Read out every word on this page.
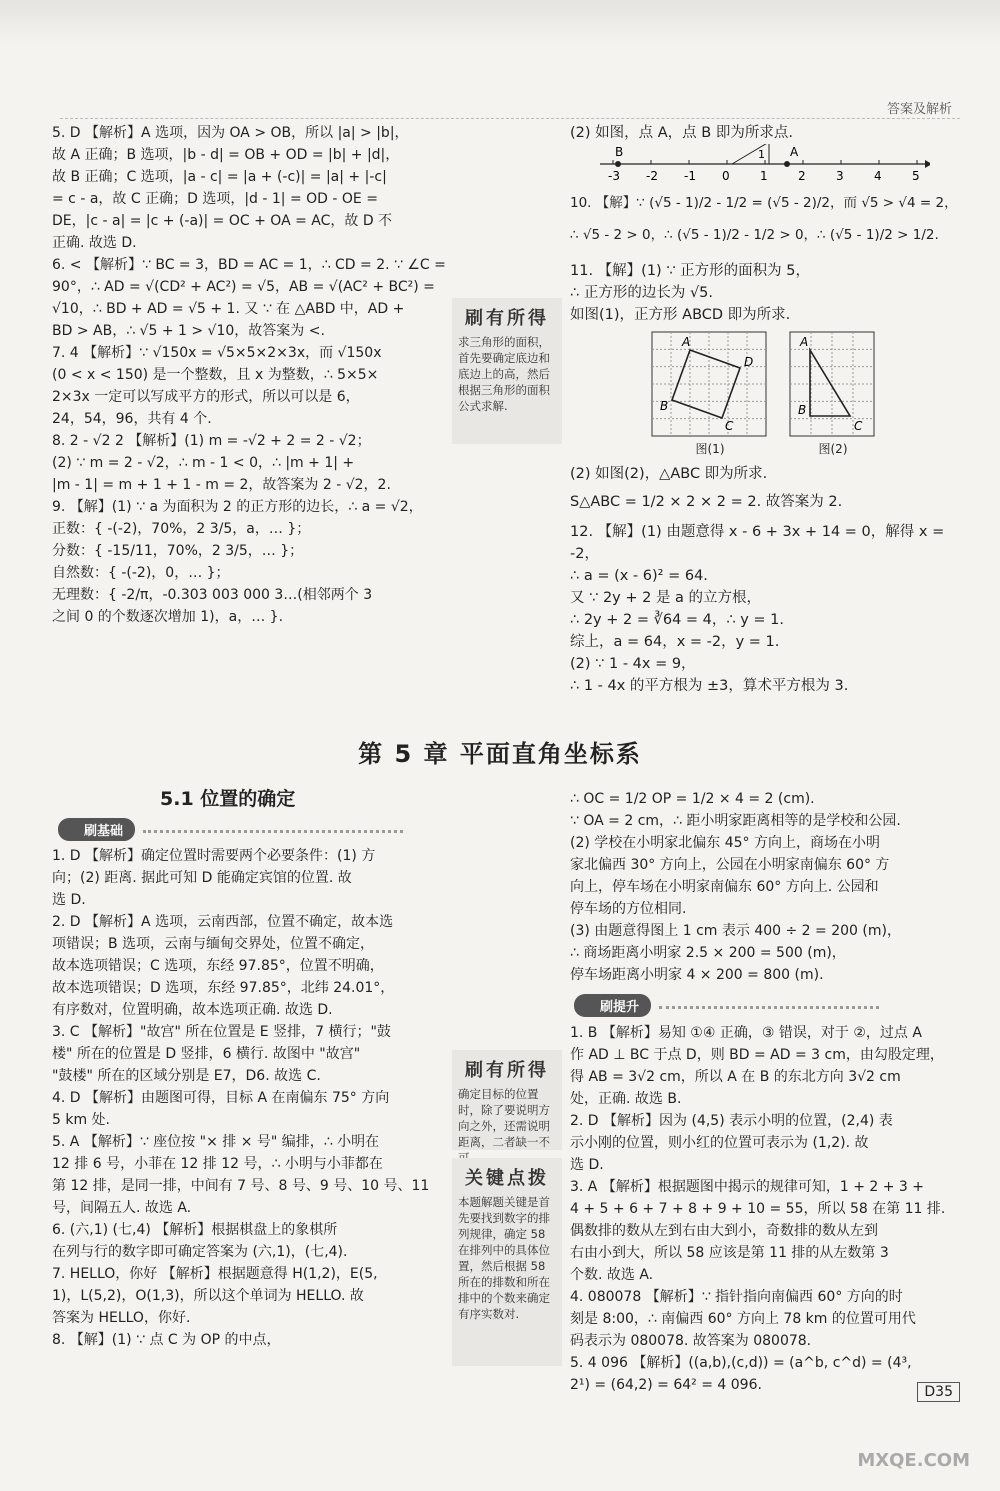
答案及解析

5. D 【解析】A 选项，因为 OA > OB，所以 |a| > |b|，

故 A 正确；B 选项，|b - d| = OB + OD = |b| + |d|，

故 B 正确；C 选项，|a - c| = |a + (-c)| = |a| + |-c|

= c - a，故 C 正确；D 选项，|d - 1| = OD - OE =

DE，|c - a| = |c + (-a)| = OC + OA = AC，故 D 不

正确. 故选 D.

6. < 【解析】∵ BC = 3，BD = AC = 1，∴ CD = 2. ∵ ∠C =

90°，∴ AD = √(CD² + AC²) = √5，AB = √(AC² + BC²) =

√10，∴ BD + AD = √5 + 1. 又 ∵ 在 △ABD 中，AD +

BD > AB，∴ √5 + 1 > √10，故答案为 <.

7. 4 【解析】∵ √150x = √5×5×2×3x，而 √150x

(0 < x < 150) 是一个整数，且 x 为整数，∴ 5×5×

2×3x 一定可以写成平方的形式，所以可以是 6，

24，54，96，共有 4 个.

8. 2 - √2 2 【解析】(1) m = -√2 + 2 = 2 - √2；

(2) ∵ m = 2 - √2，∴ m - 1 < 0，∴ |m + 1| +

|m - 1| = m + 1 + 1 - m = 2，故答案为 2 - √2，2.

9. 【解】(1) ∵ a 为面积为 2 的正方形的边长，∴ a = √2，

正数：{ -(-2)，70%，2 3/5，a，… }；

分数：{ -15/11，70%，2 3/5，… }；

自然数：{ -(-2)，0，… }；

无理数：{ -2/π，-0.303 003 000 3…(相邻两个 3

之间 0 的个数逐次增加 1)，a，… }.

(2) 如图，点 A，点 B 即为所求点.

-3 -2 -1 0	1	2	3	4	5
B	A
1

10. 【解】∵ (√5 - 1)/2 - 1/2 = (√5 - 2)/2，而 √5 > √4 = 2，

∴ √5 - 2 > 0，∴ (√5 - 1)/2 - 1/2 > 0，∴ (√5 - 1)/2 > 1/2.

11. 【解】(1) ∵ 正方形的面积为 5，

∴ 正方形的边长为 √5.

如图(1)，正方形 ABCD 即为所求.

A
B
C
D
图(1)
A
B
C
图(2)

(2) 如图(2)，△ABC 即为所求.

S△ABC = 1/2 × 2 × 2 = 2. 故答案为 2.

12. 【解】(1) 由题意得 x - 6 + 3x + 14 = 0，解得 x = -2，

∴ a = (x - 6)² = 64.

又 ∵ 2y + 2 是 a 的立方根，

∴ 2y + 2 = ∛64 = 4，∴ y = 1.

综上，a = 64，x = -2，y = 1.

(2) ∵ 1 - 4x = 9，

∴ 1 - 4x 的平方根为 ±3，算术平方根为 3.

刷有所得
求三角形的面积，首先要确定底边和底边上的高，然后根据三角形的面积公式求解.
第 5 章 平面直角坐标系
5.1 位置的确定
刷基础

1. D 【解析】确定位置时需要两个必要条件：(1) 方

向；(2) 距离. 据此可知 D 能确定宾馆的位置. 故

选 D.

2. D 【解析】A 选项，云南西部，位置不确定，故本选

项错误；B 选项，云南与缅甸交界处，位置不确定，

故本选项错误；C 选项，东经 97.85°，位置不明确，

故本选项错误；D 选项，东经 97.85°，北纬 24.01°，

有序数对，位置明确，故本选项正确. 故选 D.

3. C 【解析】"故宫" 所在位置是 E 竖排，7 横行；"鼓

楼" 所在的位置是 D 竖排，6 横行. 故图中 "故宫"

"鼓楼" 所在的区域分别是 E7，D6. 故选 C.

4. D 【解析】由题图可得，目标 A 在南偏东 75° 方向

5 km 处.

5. A 【解析】∵ 座位按 "× 排 × 号" 编排，∴ 小明在

12 排 6 号，小菲在 12 排 12 号，∴ 小明与小菲都在

第 12 排，是同一排，中间有 7 号、8 号、9 号、10 号、11

号，间隔五人. 故选 A.

6. (六,1) (七,4) 【解析】根据棋盘上的象棋所

在列与行的数字即可确定答案为 (六,1)，(七,4).

7. HELLO，你好 【解析】根据题意得 H(1,2)，E(5,

1)，L(5,2)，O(1,3)，所以这个单词为 HELLO. 故

答案为 HELLO，你好.

8. 【解】(1) ∵ 点 C 为 OP 的中点，

刷有所得
确定目标的位置时，除了要说明方向之外，还需说明距离，二者缺一不
关键点拨
本题解题关键是首先要找到数字的排列规律，确定 58 在排列中的具体位置，然后根据 58 所在的排数和所在排中的个数来确定有序实数对.

∴ OC = 1/2 OP = 1/2 × 4 = 2 (cm).

∵ OA = 2 cm，∴ 距小明家距离相等的是学校和公园.

(2) 学校在小明家北偏东 45° 方向上，商场在小明

家北偏西 30° 方向上，公园在小明家南偏东 60° 方

向上，停车场在小明家南偏东 60° 方向上. 公园和

停车场的方位相同.

(3) 由题意得图上 1 cm 表示 400 ÷ 2 = 200 (m)，

∴ 商场距离小明家 2.5 × 200 = 500 (m)，

停车场距离小明家 4 × 200 = 800 (m).

刷提升

1. B 【解析】易知 ①④ 正确，③ 错误，对于 ②，过点 A

作 AD ⊥ BC 于点 D，则 BD = AD = 3 cm，由勾股定理，

得 AB = 3√2 cm，所以 A 在 B 的东北方向 3√2 cm

处，正确. 故选 B.

2. D 【解析】因为 (4,5) 表示小明的位置，(2,4) 表

示小刚的位置，则小红的位置可表示为 (1,2). 故

选 D.

3. A 【解析】根据题图中揭示的规律可知，1 + 2 + 3 +

4 + 5 + 6 + 7 + 8 + 9 + 10 = 55，所以 58 在第 11 排.

偶数排的数从左到右由大到小，奇数排的数从左到

右由小到大，所以 58 应该是第 11 排的从左数第 3

个数. 故选 A.

4. 080078 【解析】∵ 指针指向南偏西 60° 方向的时

刻是 8:00，∴ 南偏西 60° 方向上 78 km 的位置可用代

码表示为 080078. 故答案为 080078.

5. 4 096 【解析】((a,b),(c,d)) = (a^b, c^d) = (4³,

2¹) = (64,2) = 64² = 4 096.	D35
MXQE.COM
